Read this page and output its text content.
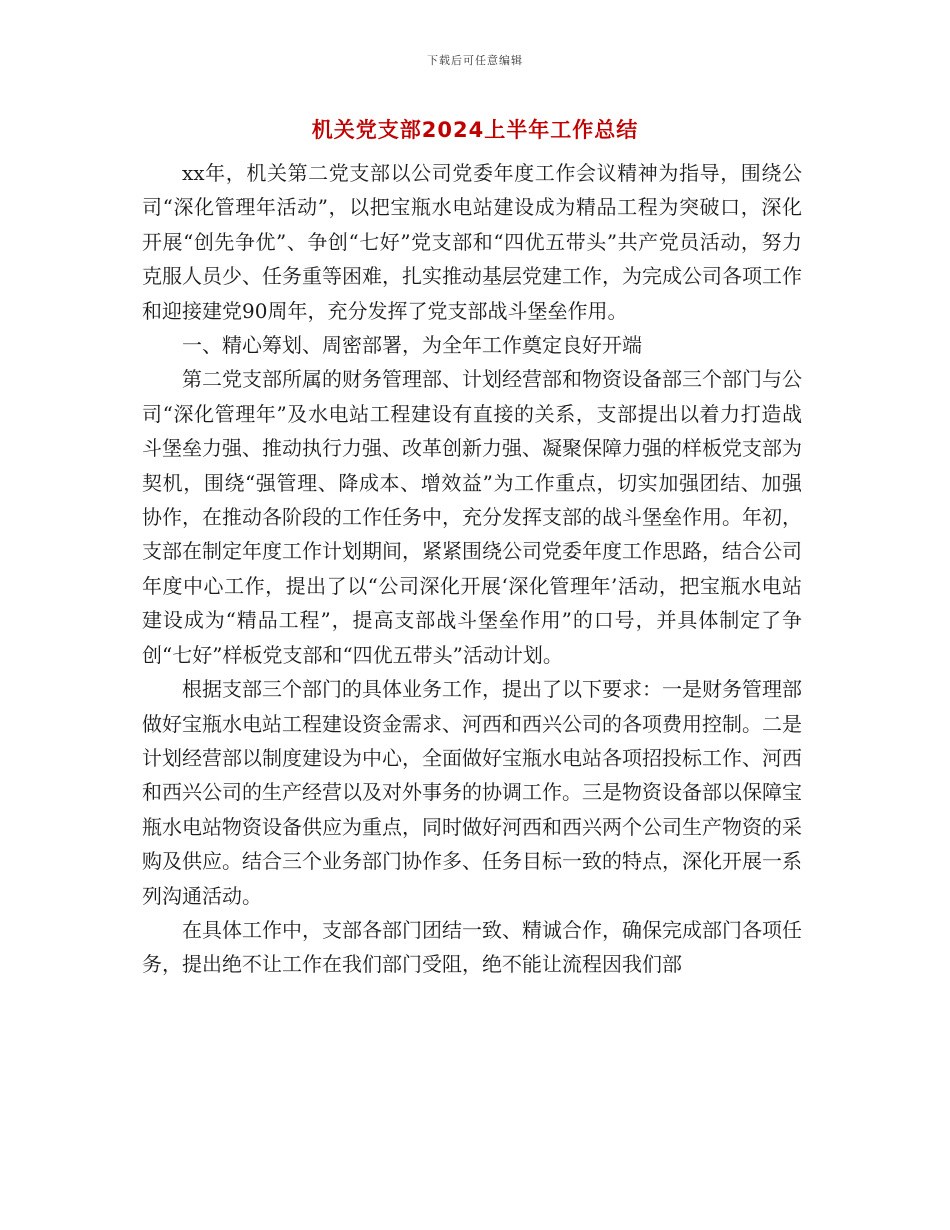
下载后可任意编辑
机关党支部2024上半年工作总结

xx年，机关第二党支部以公司党委年度工作会议精神为指导，围绕公司“深化管理年活动”，以把宝瓶水电站建设成为精品工程为突破口，深化开展“创先争优”、争创“七好”党支部和“四优五带头”共产党员活动，努力克服人员少、任务重等困难，扎实推动基层党建工作，为完成公司各项工作和迎接建党90周年，充分发挥了党支部战斗堡垒作用。

一、精心筹划、周密部署，为全年工作奠定良好开端

第二党支部所属的财务管理部、计划经营部和物资设备部三个部门与公司“深化管理年”及水电站工程建设有直接的关系，支部提出以着力打造战斗堡垒力强、推动执行力强、改革创新力强、凝聚保障力强的样板党支部为契机，围绕“强管理、降成本、增效益”为工作重点，切实加强团结、加强协作，在推动各阶段的工作任务中，充分发挥支部的战斗堡垒作用。年初，支部在制定年度工作计划期间，紧紧围绕公司党委年度工作思路，结合公司年度中心工作，提出了以“公司深化开展‘深化管理年’活动，把宝瓶水电站建设成为“精品工程”，提高支部战斗堡垒作用”的口号，并具体制定了争创“七好”样板党支部和“四优五带头”活动计划。

根据支部三个部门的具体业务工作，提出了以下要求：一是财务管理部做好宝瓶水电站工程建设资金需求、河西和西兴公司的各项费用控制。二是计划经营部以制度建设为中心，全面做好宝瓶水电站各项招投标工作、河西和西兴公司的生产经营以及对外事务的协调工作。三是物资设备部以保障宝瓶水电站物资设备供应为重点，同时做好河西和西兴两个公司生产物资的采购及供应。结合三个业务部门协作多、任务目标一致的特点，深化开展一系列沟通活动。

在具体工作中，支部各部门团结一致、精诚合作，确保完成部门各项任务，提出绝不让工作在我们部门受阻，绝不能让流程因我们部
